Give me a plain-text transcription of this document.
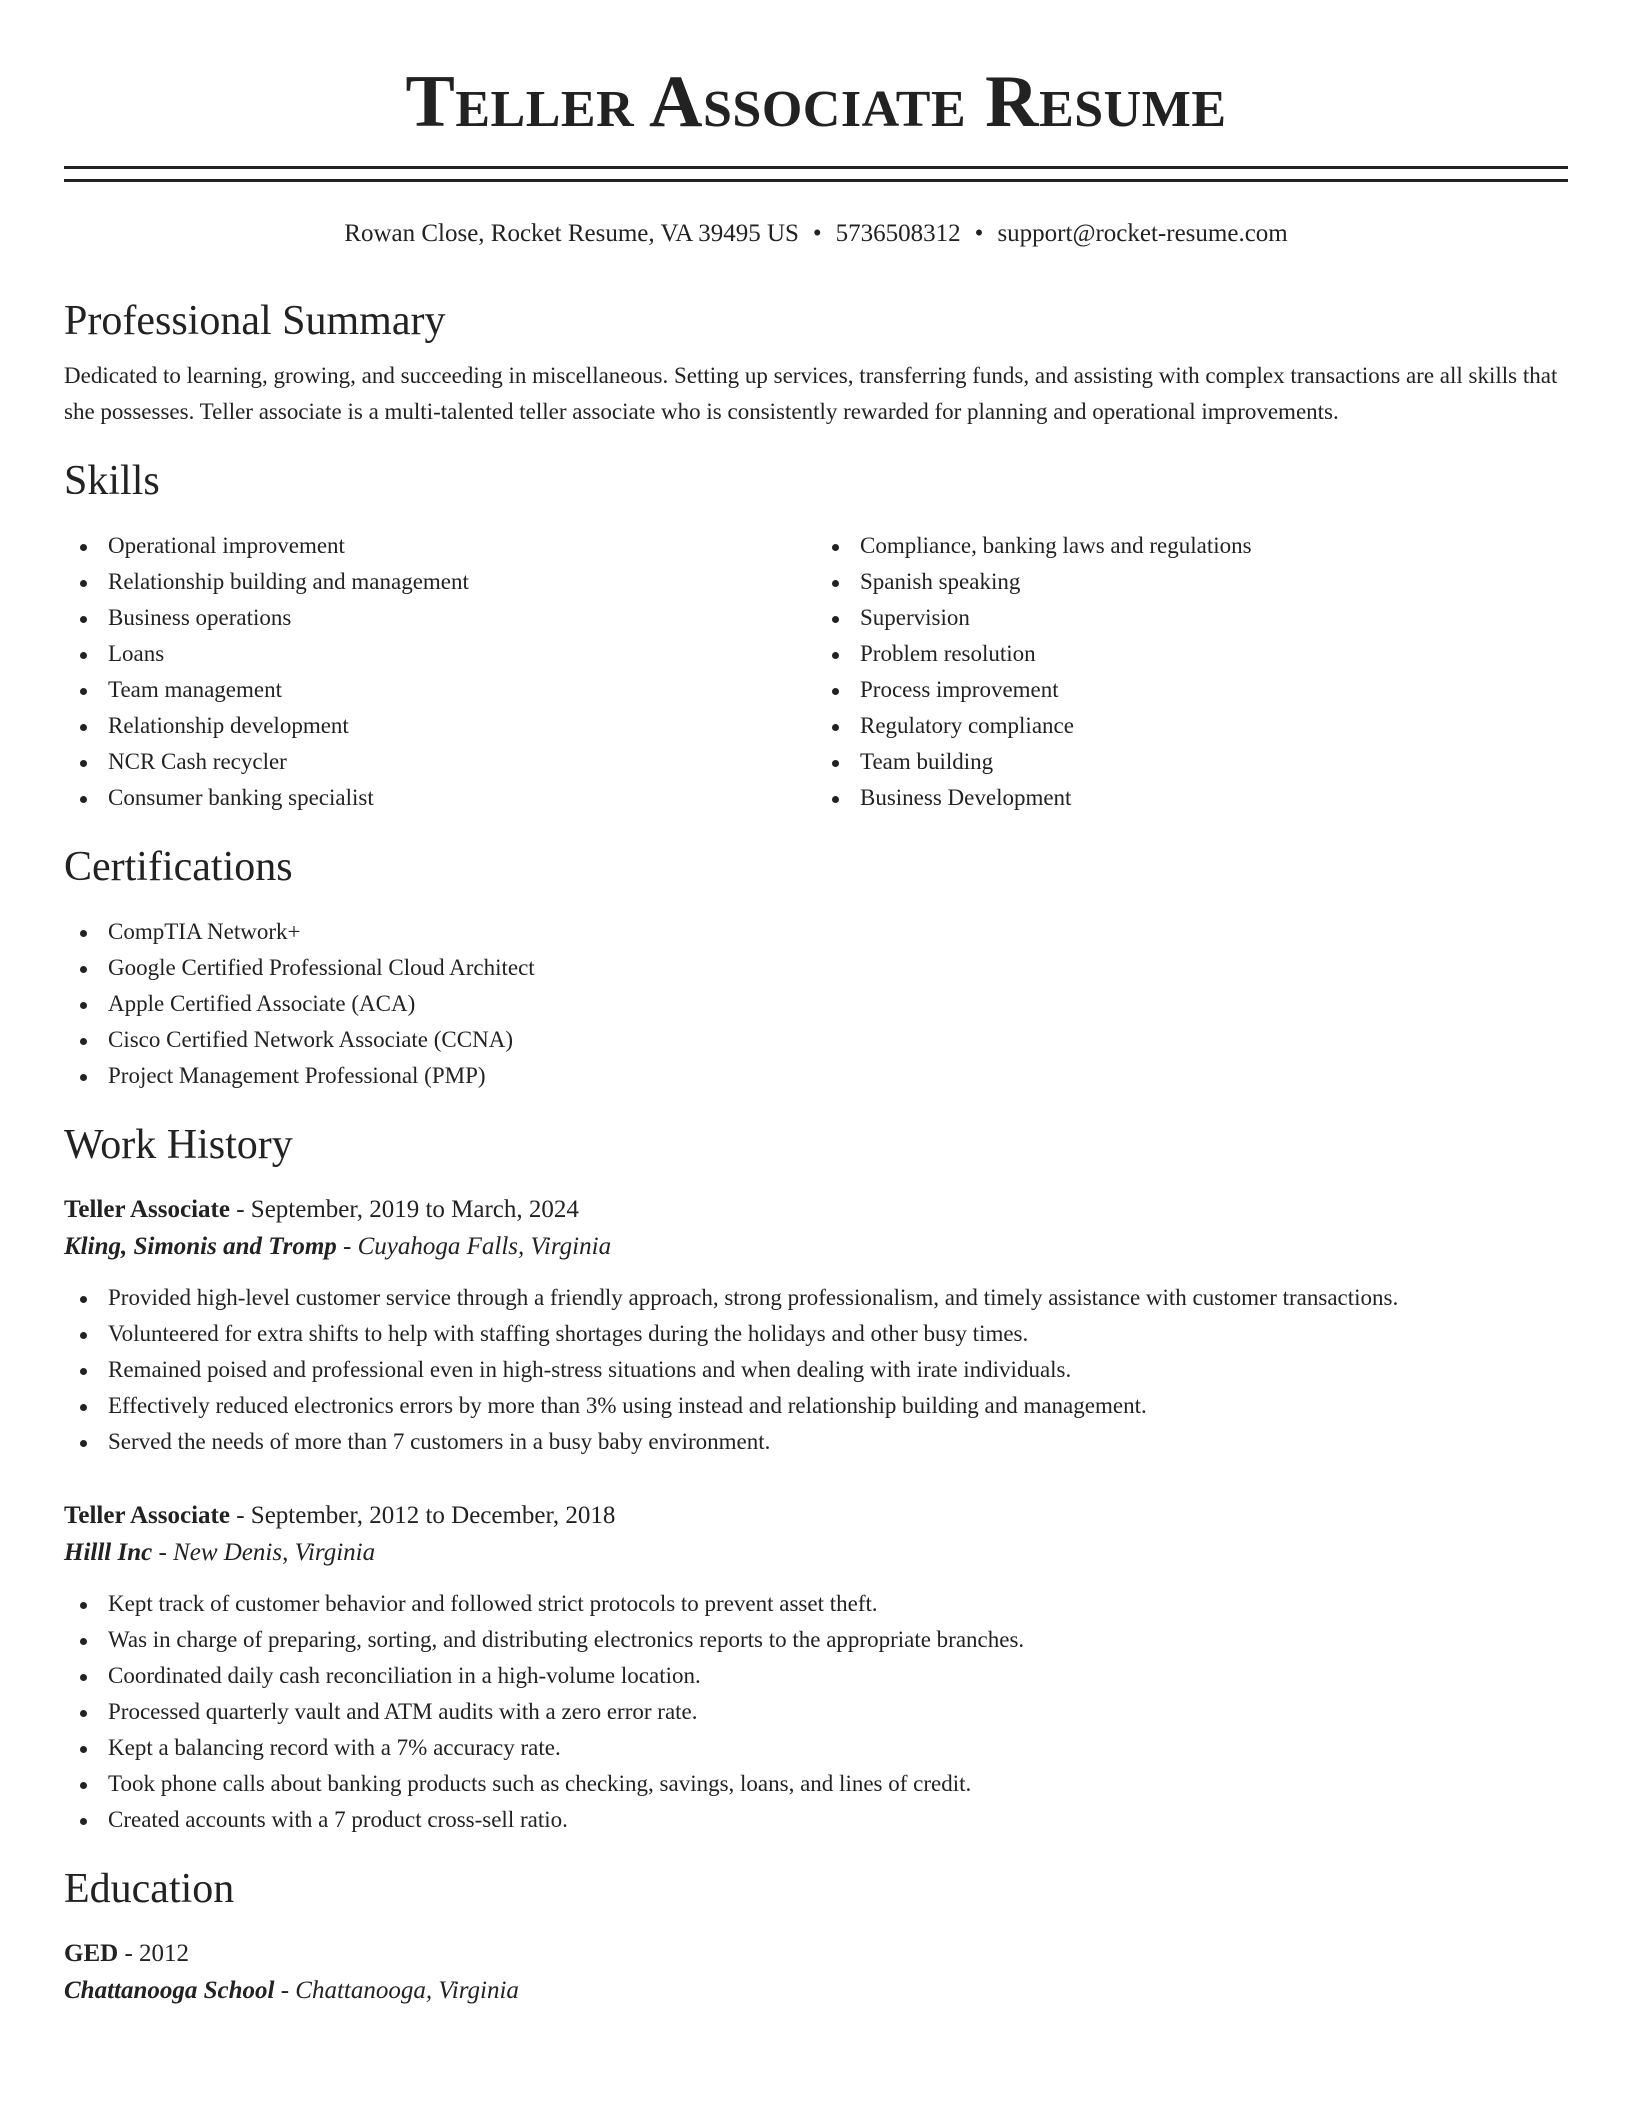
Teller Associate Resume
Rowan Close, Rocket Resume, VA 39495 US • 5736508312 • support@rocket-resume.com
Professional Summary

Dedicated to learning, growing, and succeeding in miscellaneous. Setting up services, transferring funds, and assisting with complex transactions are all skills that she possesses. Teller associate is a multi-talented teller associate who is consistently rewarded for planning and operational improvements.

Skills
Operational improvement
Relationship building and management
Business operations
Loans
Team management
Relationship development
NCR Cash recycler
Consumer banking specialist
Compliance, banking laws and regulations
Spanish speaking
Supervision
Problem resolution
Process improvement
Regulatory compliance
Team building
Business Development
Certifications
CompTIA Network+
Google Certified Professional Cloud Architect
Apple Certified Associate (ACA)
Cisco Certified Network Associate (CCNA)
Project Management Professional (PMP)
Work History
Teller Associate - September, 2019 to March, 2024
Kling, Simonis and Tromp - Cuyahoga Falls, Virginia
Provided high-level customer service through a friendly approach, strong professionalism, and timely assistance with customer transactions.
Volunteered for extra shifts to help with staffing shortages during the holidays and other busy times.
Remained poised and professional even in high-stress situations and when dealing with irate individuals.
Effectively reduced electronics errors by more than 3% using instead and relationship building and management.
Served the needs of more than 7 customers in a busy baby environment.
Teller Associate - September, 2012 to December, 2018
Hilll Inc - New Denis, Virginia
Kept track of customer behavior and followed strict protocols to prevent asset theft.
Was in charge of preparing, sorting, and distributing electronics reports to the appropriate branches.
Coordinated daily cash reconciliation in a high-volume location.
Processed quarterly vault and ATM audits with a zero error rate.
Kept a balancing record with a 7% accuracy rate.
Took phone calls about banking products such as checking, savings, loans, and lines of credit.
Created accounts with a 7 product cross-sell ratio.
Education
GED - 2012
Chattanooga School - Chattanooga, Virginia
